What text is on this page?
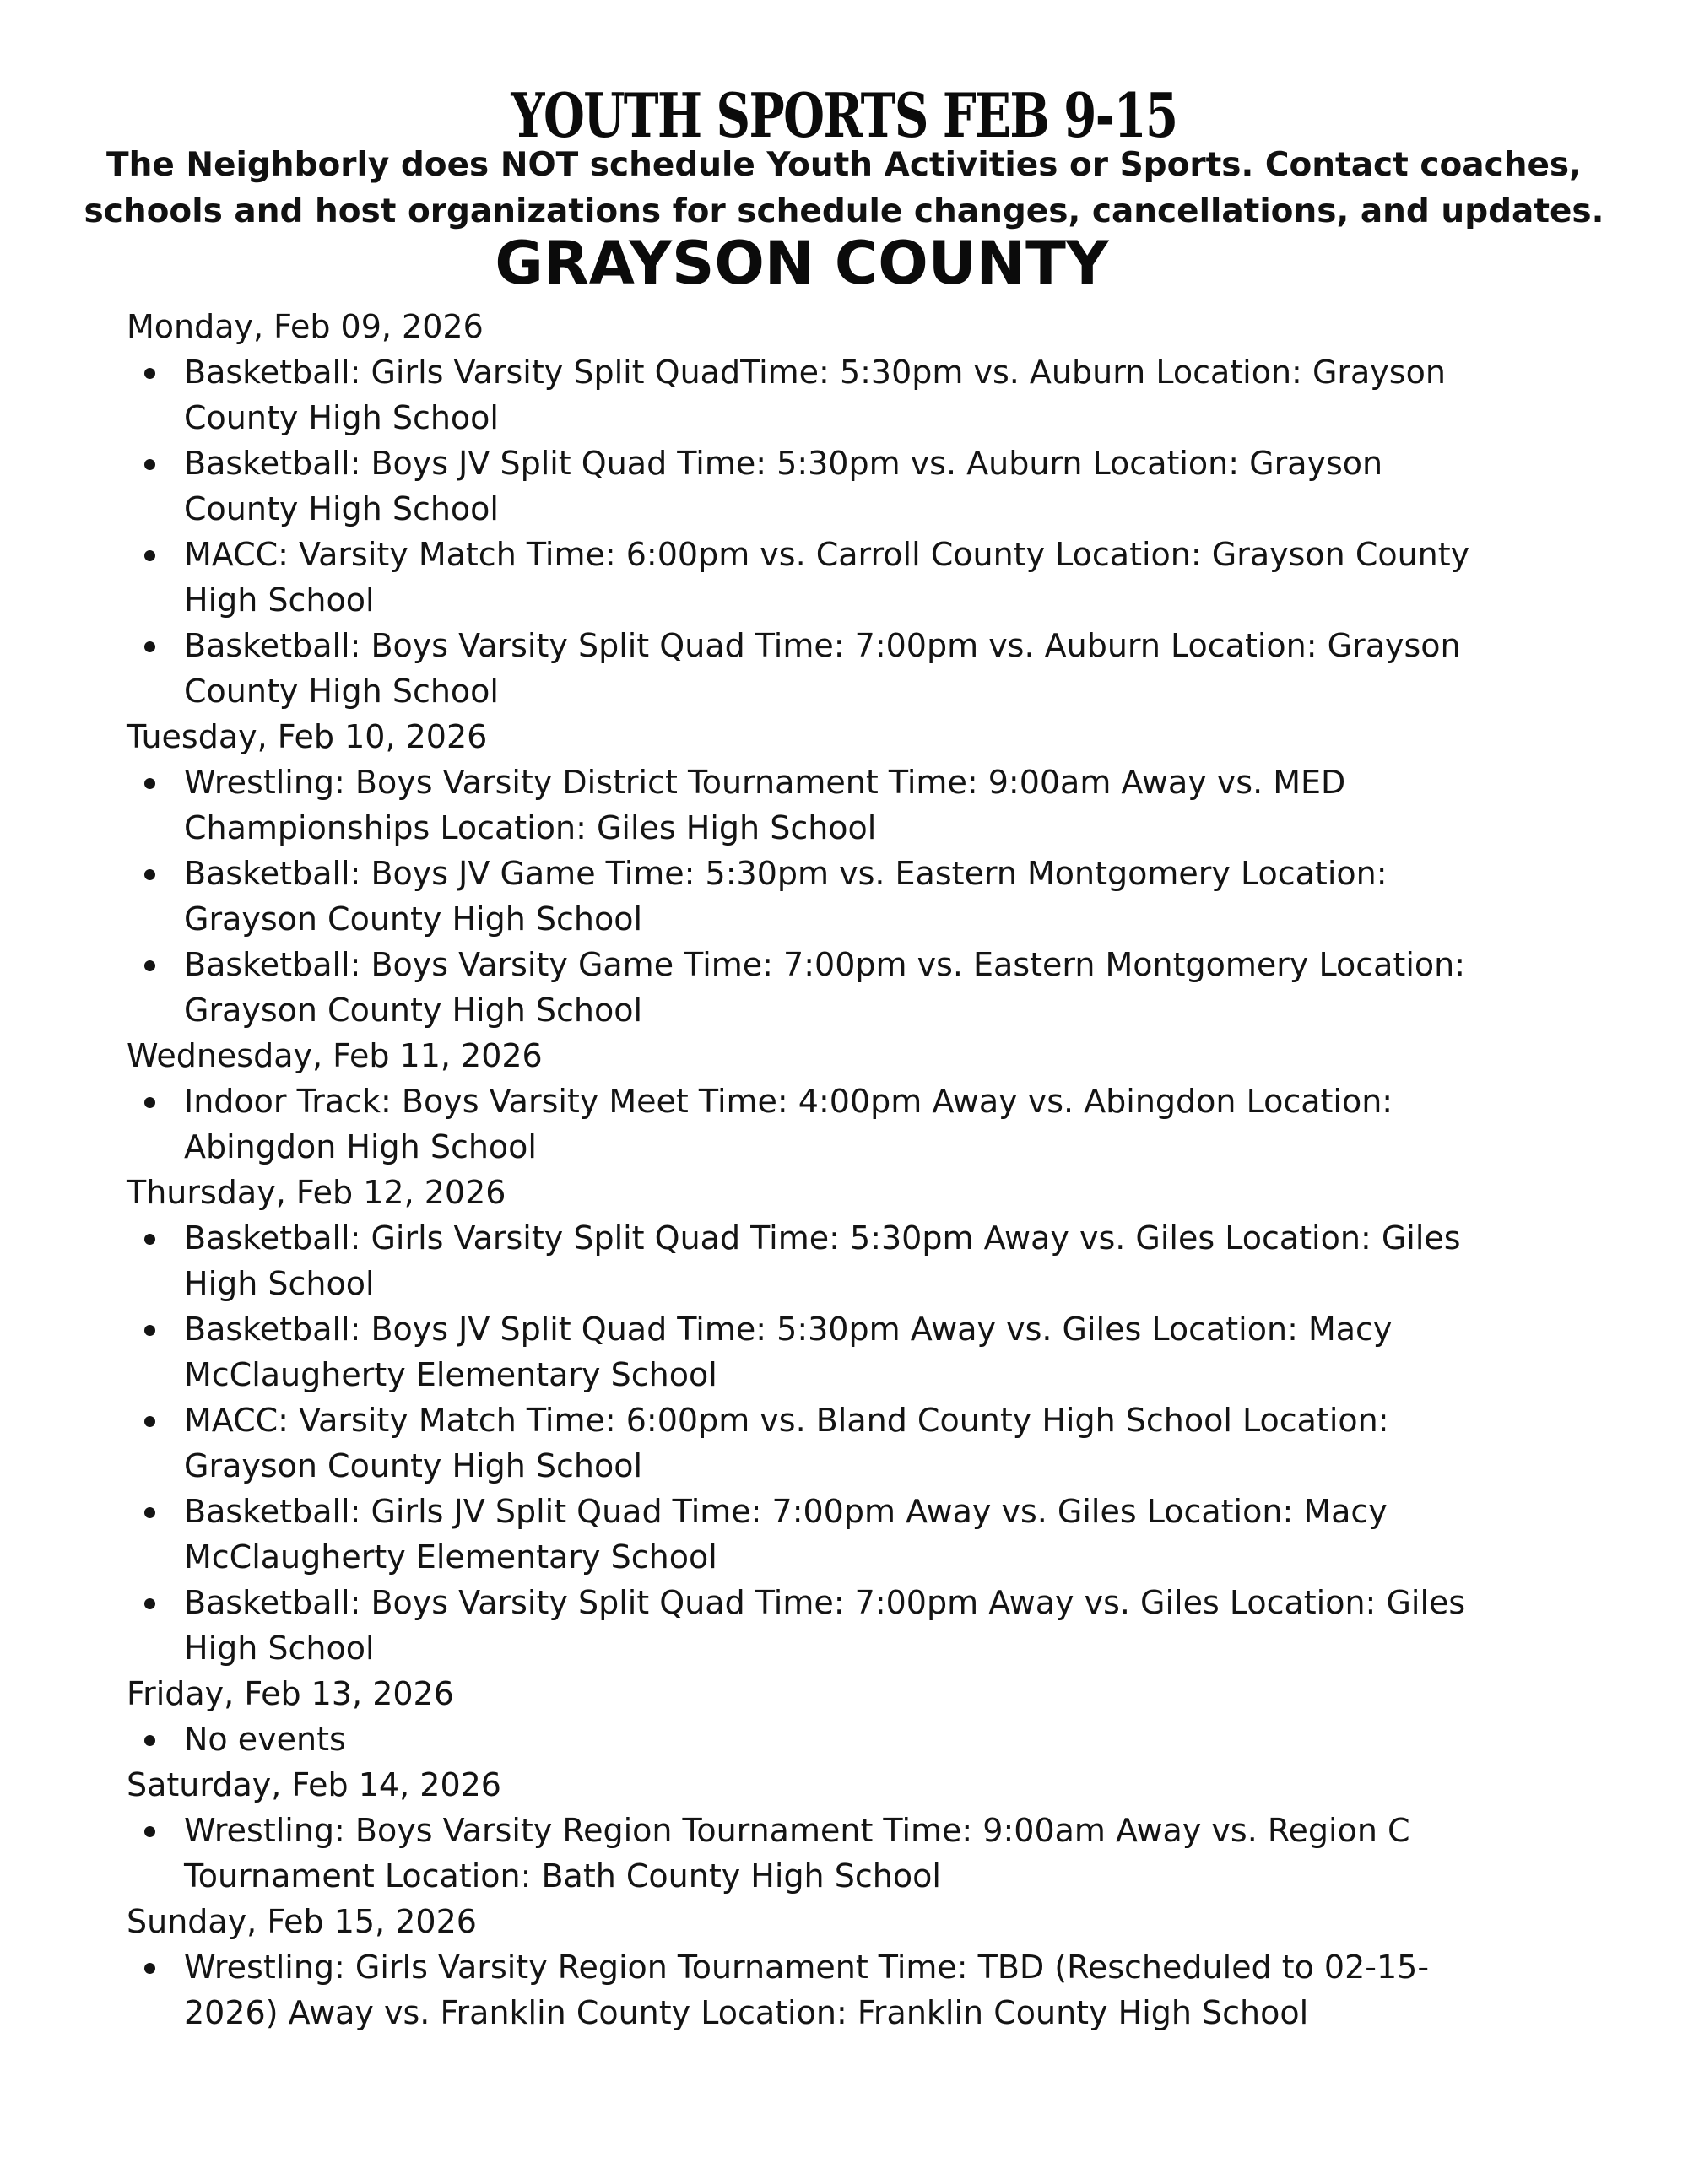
YOUTH SPORTS FEB 9-15
The Neighborly does NOT schedule Youth Activities or Sports. Contact coaches,
schools and host organizations for schedule changes, cancellations, and updates.
GRAYSON COUNTY
Monday, Feb 09, 2026
Basketball: Girls Varsity Split QuadTime: 5:30pm vs. Auburn Location: Grayson County High School
Basketball: Boys JV Split Quad Time: 5:30pm vs. Auburn Location: Grayson County High School
MACC: Varsity Match Time: 6:00pm vs. Carroll County Location: Grayson County High School
Basketball: Boys Varsity Split Quad Time: 7:00pm vs. Auburn Location: Grayson County High School
Tuesday, Feb 10, 2026
Wrestling: Boys Varsity District Tournament Time: 9:00am Away vs. MED Championships Location: Giles High School
Basketball: Boys JV Game Time: 5:30pm vs. Eastern Montgomery Location: Grayson County High School
Basketball: Boys Varsity Game Time: 7:00pm vs. Eastern Montgomery Location: Grayson County High School
Wednesday, Feb 11, 2026
Indoor Track: Boys Varsity Meet Time: 4:00pm Away vs. Abingdon Location: Abingdon High School
Thursday, Feb 12, 2026
Basketball: Girls Varsity Split Quad Time: 5:30pm Away vs. Giles Location: Giles High School
Basketball: Boys JV Split Quad Time: 5:30pm Away vs. Giles Location: Macy McClaugherty Elementary School
MACC: Varsity Match Time: 6:00pm vs. Bland County High School Location: Grayson County High School
Basketball: Girls JV Split Quad Time: 7:00pm Away vs. Giles Location: Macy McClaugherty Elementary School
Basketball: Boys Varsity Split Quad Time: 7:00pm Away vs. Giles Location: Giles High School
Friday, Feb 13, 2026
No events
Saturday, Feb 14, 2026
Wrestling: Boys Varsity Region Tournament Time: 9:00am Away vs. Region C Tournament Location: Bath County High School
Sunday, Feb 15, 2026
Wrestling: Girls Varsity Region Tournament Time: TBD (Rescheduled to 02-15-2026) Away vs. Franklin County Location: Franklin County High School
